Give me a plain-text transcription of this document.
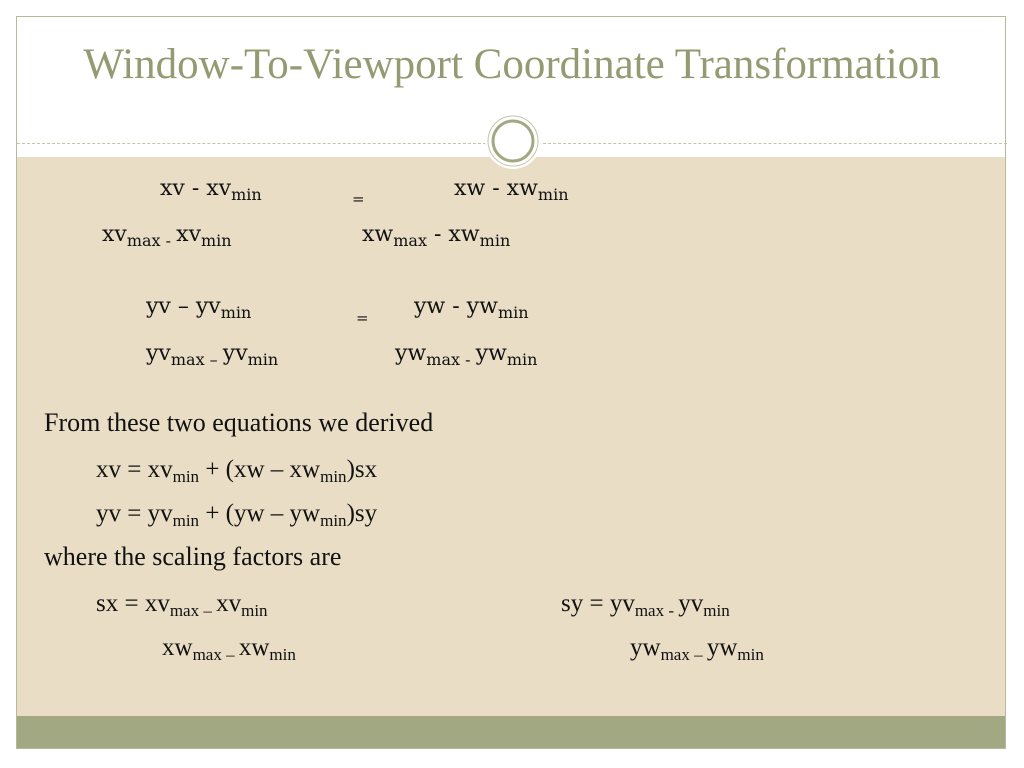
Window-To-Viewport Coordinate Transformation
xv - $xv_{min}$	=	xw - $xw_{min}$
$xv_{max -}$ $xv_{min}$	$xw_{max} - xw_{min}$
yv – $yv_{min}$	= yw - $yw_{min}$
$yv_{max -}$ $yv_{min}$	$yw_{max -}$ $yw_{min}$
From these two equations we derived
xv = $xv_{min} + (xw - xw_{min})sx$
yv = $yv_{min} + (yw - yw_{min})sy$
where the scaling factors are
sx = $xv_{max -}$ $xv_{min}$
$xw_{max -}$ $xw_{min}$
sy = $yv_{max -}$ $yv_{min}$
$yw_{max -}$ $yw_{min}$
